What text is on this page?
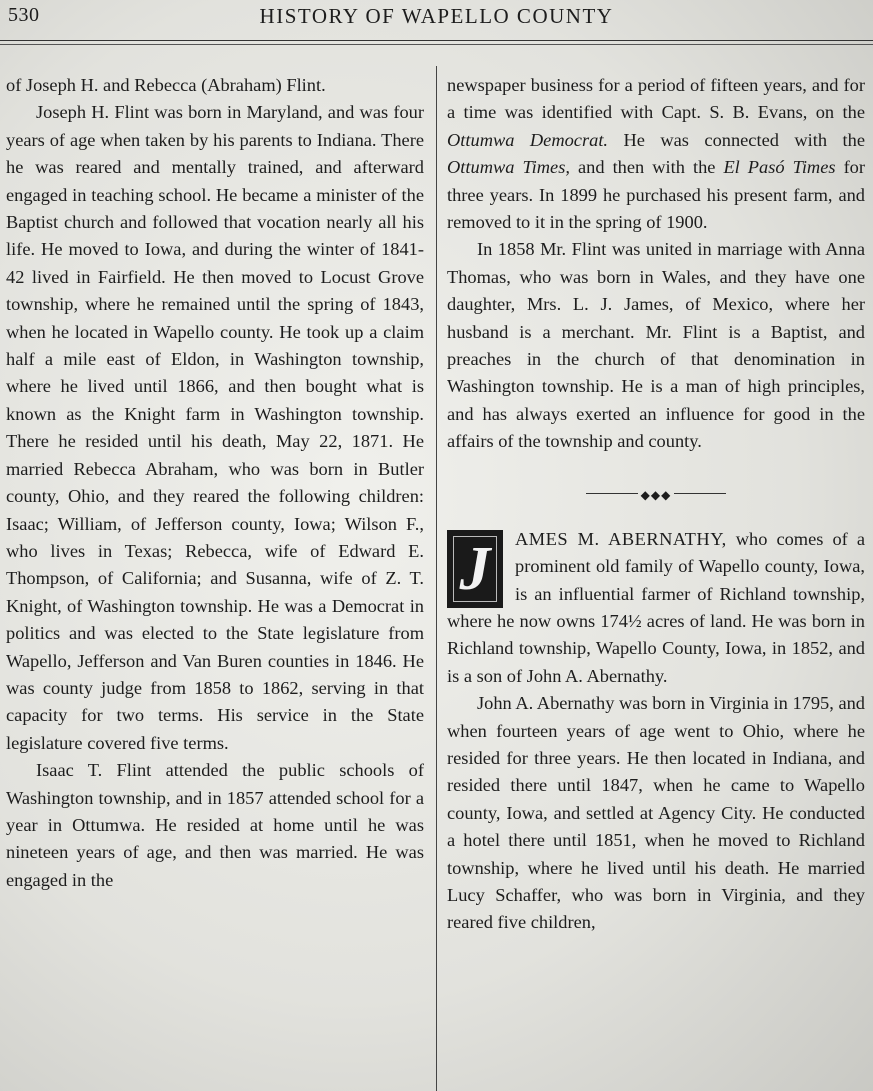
530	HISTORY OF WAPELLO COUNTY

of Joseph H. and Rebecca (Abraham) Flint.

Joseph H. Flint was born in Maryland, and was four years of age when taken by his parents to Indiana. There he was reared and mentally trained, and afterward engaged in teaching school. He became a minister of the Baptist church and followed that vocation nearly all his life. He moved to Iowa, and during the winter of 1841-42 lived in Fairfield. He then moved to Locust Grove township, where he remained until the spring of 1843, when he located in Wapello county. He took up a claim half a mile east of Eldon, in Washington township, where he lived until 1866, and then bought what is known as the Knight farm in Washington township. There he resided until his death, May 22, 1871. He married Rebecca Abraham, who was born in Butler county, Ohio, and they reared the following children: Isaac; William, of Jefferson county, Iowa; Wilson F., who lives in Texas; Rebecca, wife of Edward E. Thompson, of California; and Susanna, wife of Z. T. Knight, of Washington township. He was a Democrat in politics and was elected to the State legislature from Wapello, Jefferson and Van Buren counties in 1846. He was county judge from 1858 to 1862, serving in that capacity for two terms. His service in the State legislature covered five terms.

Isaac T. Flint attended the public schools of Washington township, and in 1857 attended school for a year in Ottumwa. He resided at home until he was nineteen years of age, and then was married. He was engaged in the

newspaper business for a period of fifteen years, and for a time was identified with Capt. S. B. Evans, on the Ottumwa Democrat. He was connected with the Ottumwa Times, and then with the El Pasó Times for three years. In 1899 he purchased his present farm, and removed to it in the spring of 1900.

In 1858 Mr. Flint was united in marriage with Anna Thomas, who was born in Wales, and they have one daughter, Mrs. L. J. James, of Mexico, where her husband is a merchant. Mr. Flint is a Baptist, and preaches in the church of that denomination in Washington township. He is a man of high principles, and has always exerted an influence for good in the affairs of the township and county.

◆◆◆
J	AMES M. ABERNATHY, who comes of a prominent old family of Wapello county, Iowa, is an influential farmer of Richland township, where he now owns 174½ acres of land. He was born in Richland township, Wapello County, Iowa, in 1852, and is a son of John A. Abernathy.

John A. Abernathy was born in Virginia in 1795, and when fourteen years of age went to Ohio, where he resided for three years. He then located in Indiana, and resided there until 1847, when he came to Wapello county, Iowa, and settled at Agency City. He conducted a hotel there until 1851, when he moved to Richland township, where he lived until his death. He married Lucy Schaffer, who was born in Virginia, and they reared five children,
